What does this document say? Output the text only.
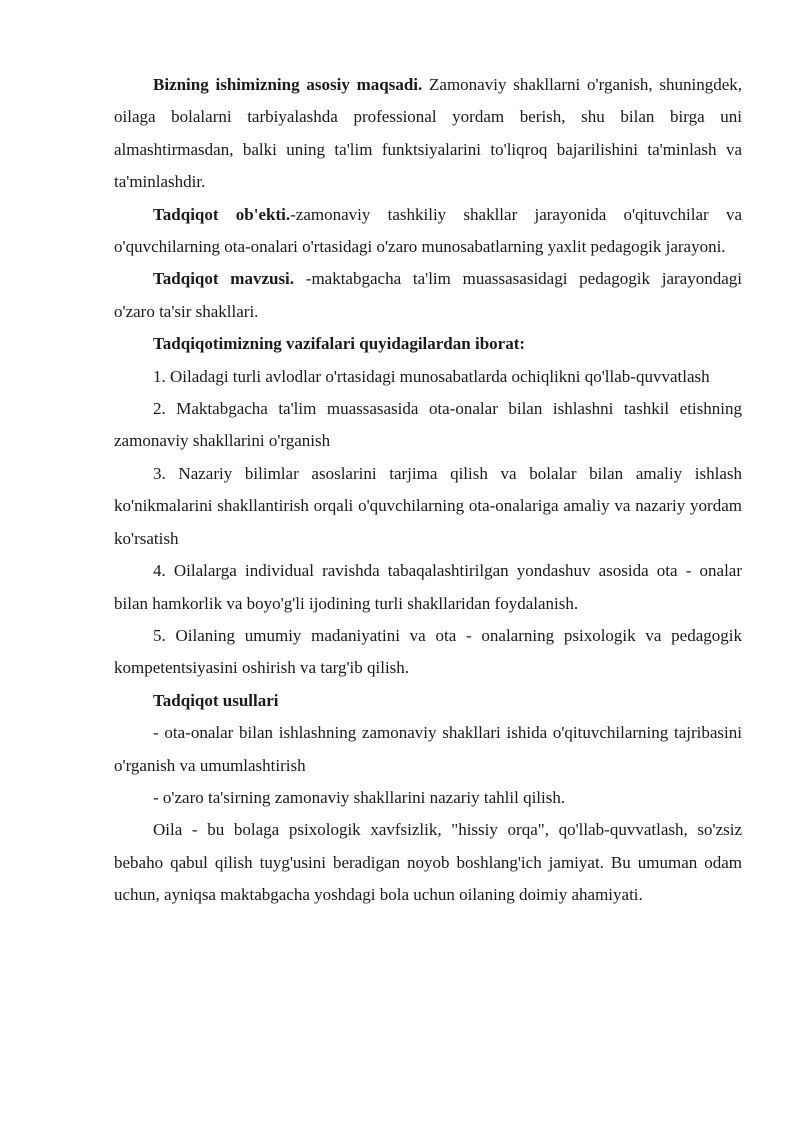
Bizning ishimizning asosiy maqsadi. Zamonaviy shakllarni o'rganish, shuningdek, oilaga bolalarni tarbiyalashda professional yordam berish, shu bilan birga uni almashtirmasdan, balki uning ta'lim funktsiyalarini to'liqroq bajarilishini ta'minlash va ta'minlashdir.

Tadqiqot ob'ekti.-zamonaviy tashkiliy shakllar jarayonida o'qituvchilar va o'quvchilarning ota-onalari o'rtasidagi o'zaro munosabatlarning yaxlit pedagogik jarayoni.

Tadqiqot mavzusi. -maktabgacha ta'lim muassasasidagi pedagogik jarayondagi o'zaro ta'sir shakllari.

Tadqiqotimizning vazifalari quyidagilardan iborat:

1. Oiladagi turli avlodlar o'rtasidagi munosabatlarda ochiqlikni qo'llab-quvvatlash

2. Maktabgacha ta'lim muassasasida ota-onalar bilan ishlashni tashkil etishning zamonaviy shakllarini o'rganish

3. Nazariy bilimlar asoslarini tarjima qilish va bolalar bilan amaliy ishlash ko'nikmalarini shakllantirish orqali o'quvchilarning ota-onalariga amaliy va nazariy yordam ko'rsatish

4. Oilalarga individual ravishda tabaqalashtirilgan yondashuv asosida ota - onalar bilan hamkorlik va boyo'g'li ijodining turli shakllaridan foydalanish.

5. Oilaning umumiy madaniyatini va ota - onalarning psixologik va pedagogik kompetentsiyasini oshirish va targ'ib qilish.

Tadqiqot usullari

- ota-onalar bilan ishlashning zamonaviy shakllari ishida o'qituvchilarning tajribasini o'rganish va umumlashtirish

- o'zaro ta'sirning zamonaviy shakllarini nazariy tahlil qilish.

Oila - bu bolaga psixologik xavfsizlik, "hissiy orqa", qo'llab-quvvatlash, so'zsiz bebaho qabul qilish tuyg'usini beradigan noyob boshlang'ich jamiyat. Bu umuman odam uchun, ayniqsa maktabgacha yoshdagi bola uchun oilaning doimiy ahamiyati.
